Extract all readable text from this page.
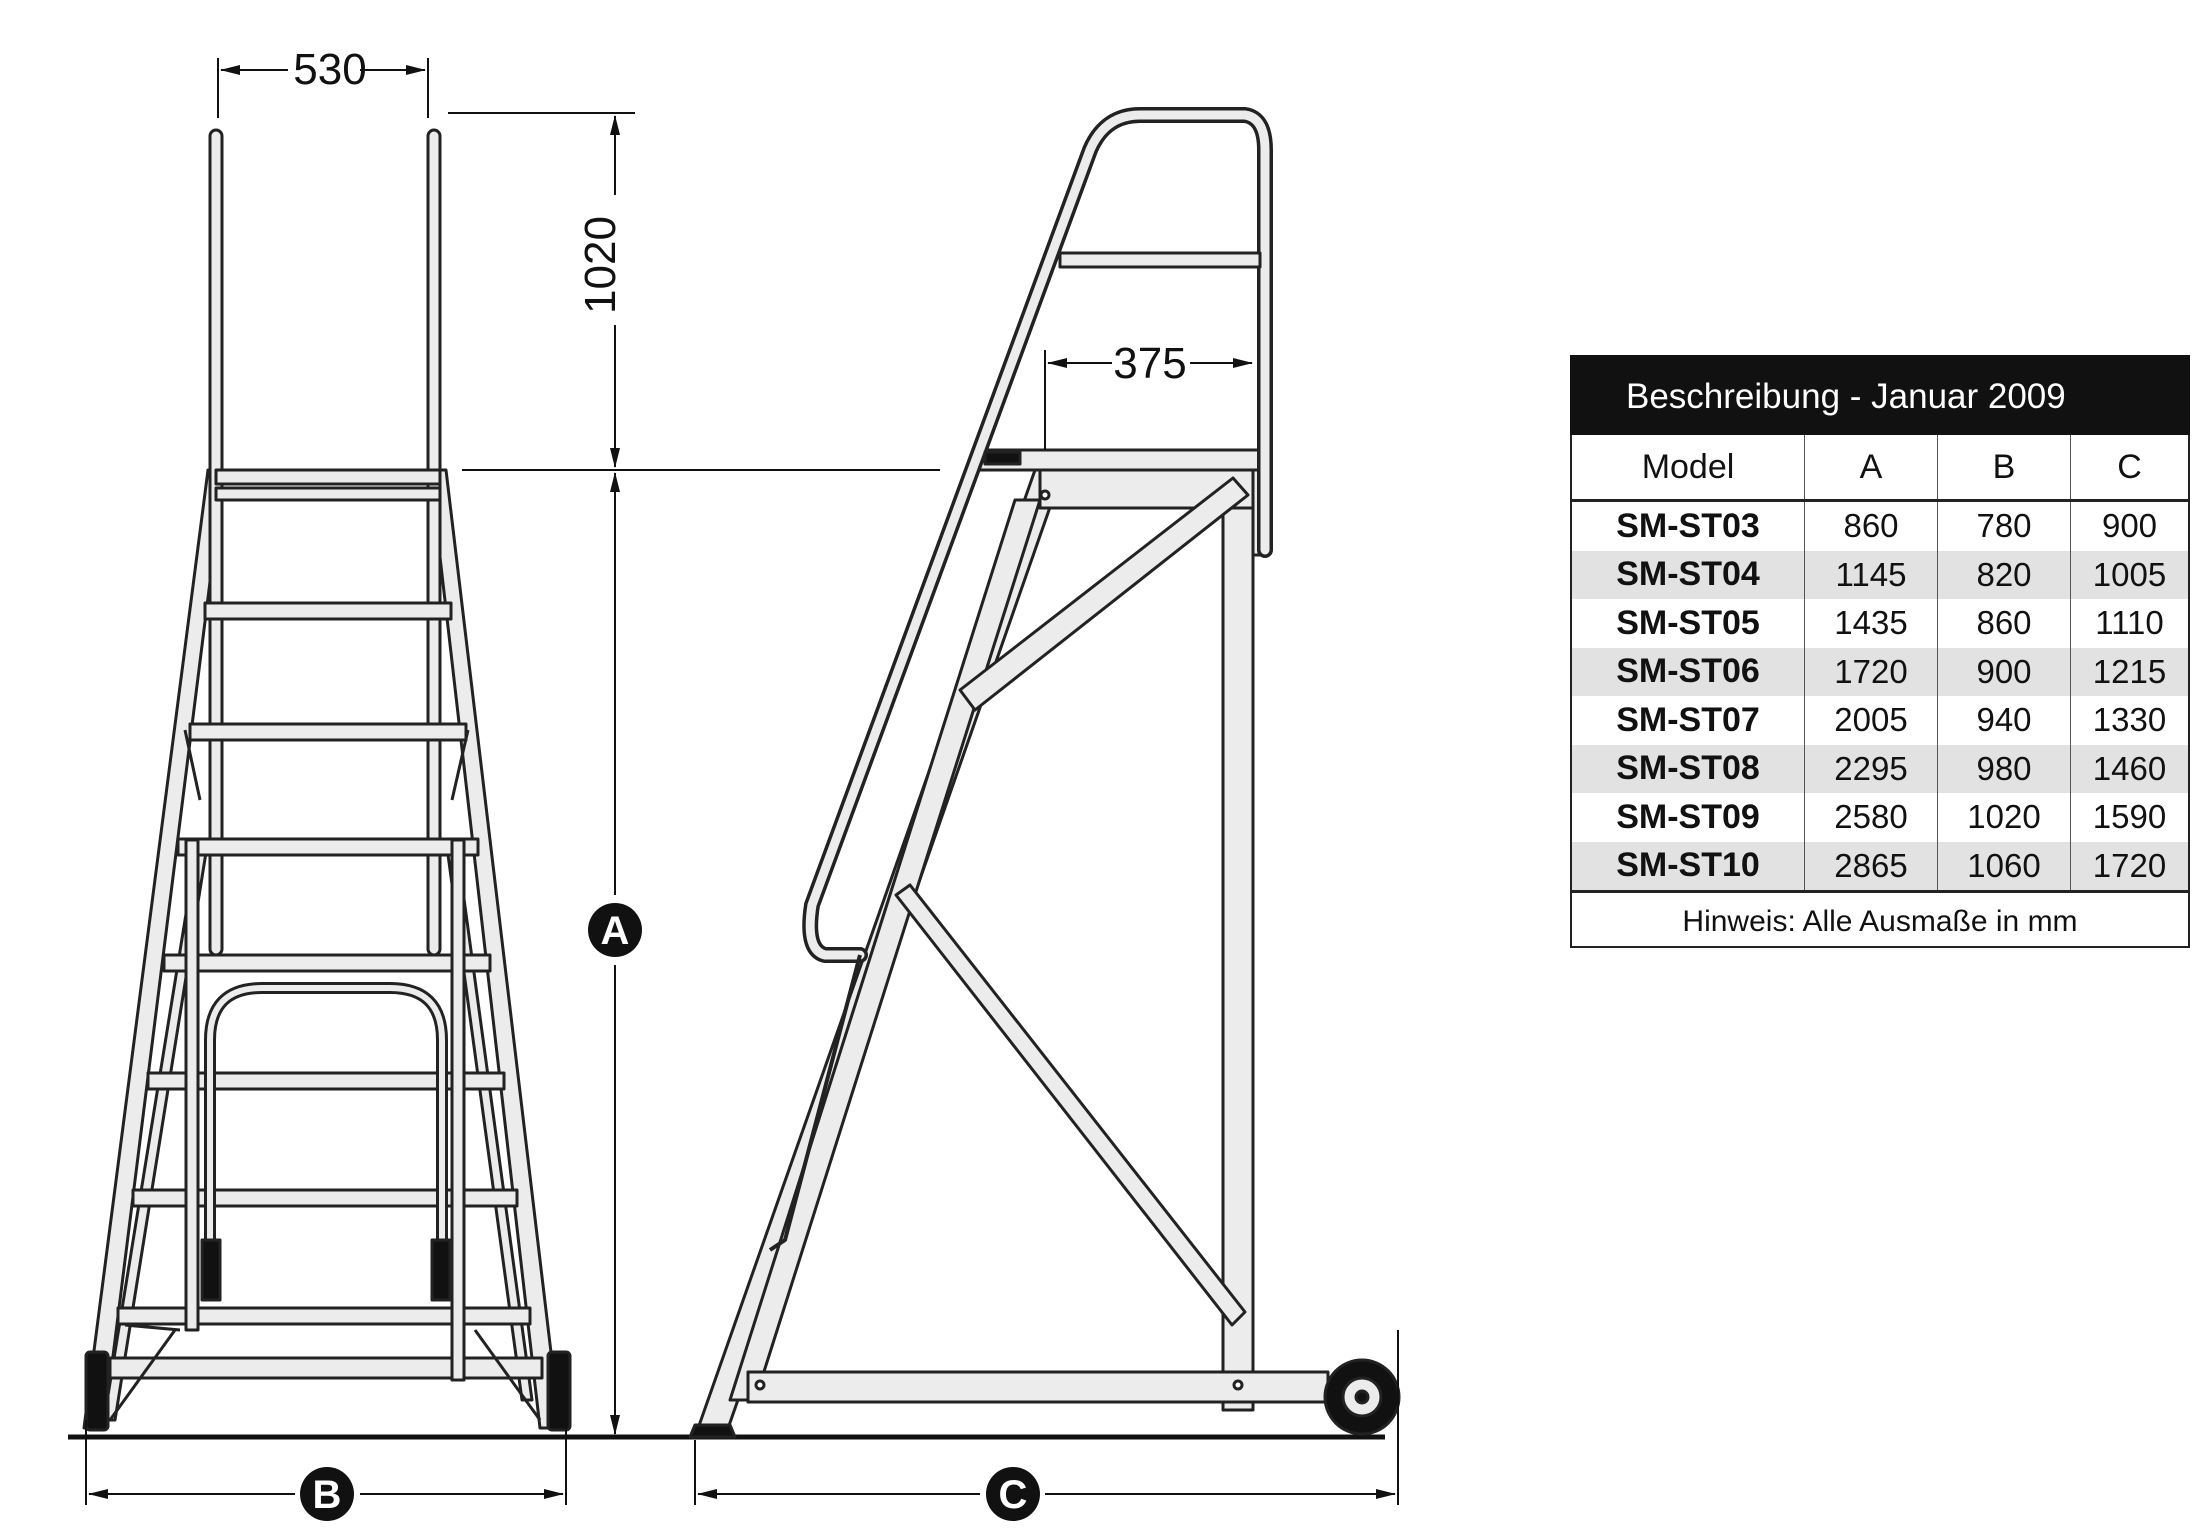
530
1020
A
375
B	C
Beschreibung - Januar 2009
Model	A	B	C
SM-ST03	860	780	900
SM-ST04	1145	820	1005
SM-ST05	1435	860	1110
SM-ST06	1720	900	1215
SM-ST07	2005	940	1330
SM-ST08	2295	980	1460
SM-ST09	2580	1020	1590
SM-ST10	2865	1060	1720
Hinweis: Alle Ausmaße in mm
